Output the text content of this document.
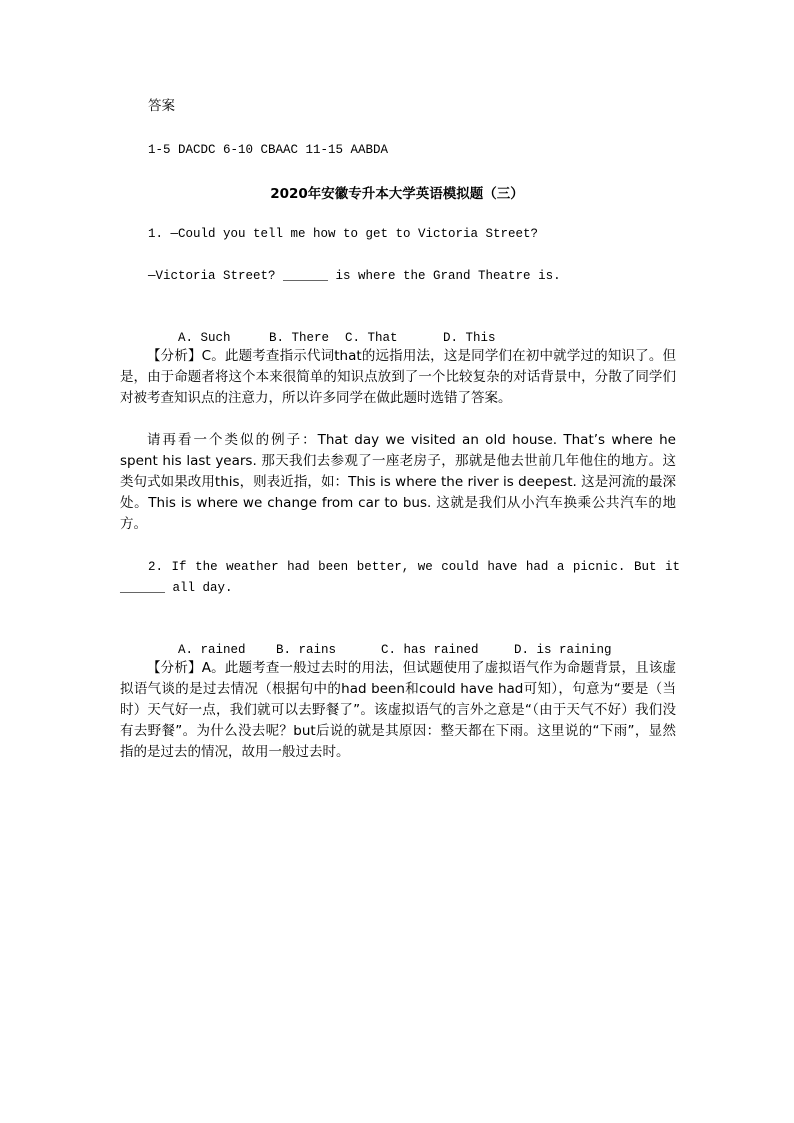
答案
1-5 DACDC 6-10 CBAAC 11-15 AABDA
2020年安徽专升本大学英语模拟题（三）
1. —Could you tell me how to get to Victoria Street?
—Victoria Street? ______ is where the Grand Theatre is.

A. Such	B. There C. That	D. This

【分析】C。此题考查指示代词that的远指用法，这是同学们在初中就学过的知识了。但是，由于命题者将这个本来很简单的知识点放到了一个比较复杂的对话背景中，分散了同学们对被考查知识点的注意力，所以许多同学在做此题时选错了答案。
请再看一个类似的例子：That day we visited an old house. That’s where he spent his last years. 那天我们去参观了一座老房子，那就是他去世前几年他住的地方。这类句式如果改用this，则表近指，如：This is where the river is deepest. 这是河流的最深处。This is where we change from car to bus. 这就是我们从小汽车换乘公共汽车的地方。
2. If the weather had been better, we could have had a picnic. But it ______ all day.

A. rained B. rains	C. has rained	D. is raining

【分析】A。此题考查一般过去时的用法，但试题使用了虚拟语气作为命题背景，且该虚拟语气谈的是过去情况（根据句中的had been和could have had可知），句意为“要是（当时）天气好一点，我们就可以去野餐了”。该虚拟语气的言外之意是“（由于天气不好）我们没有去野餐”。为什么没去呢？but后说的就是其原因：整天都在下雨。这里说的“下雨”，显然指的是过去的情况，故用一般过去时。
